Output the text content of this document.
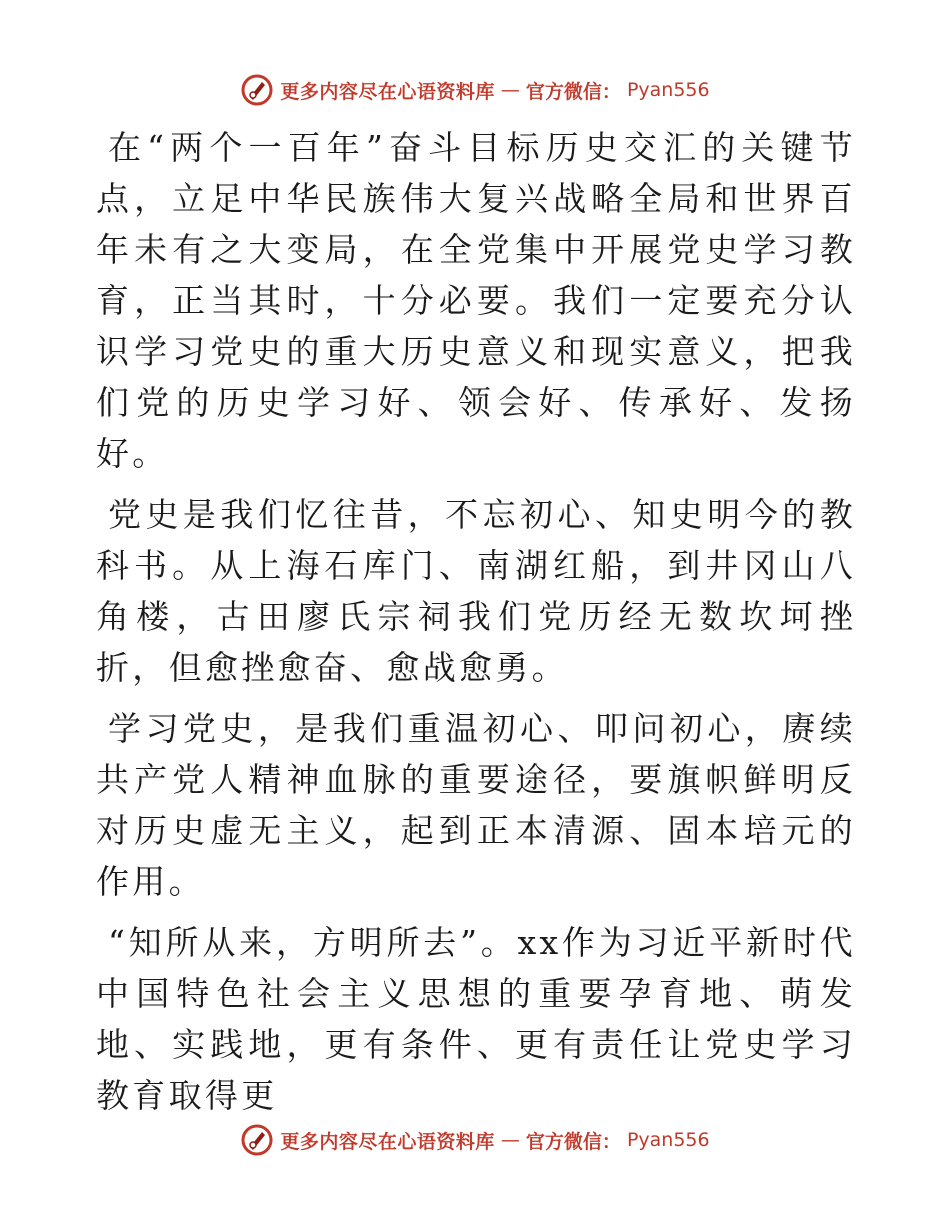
更多内容尽在心语资料库 — 官方微信： Pyan556

在“两个一百年”奋斗目标历史交汇的关键节点，立足中华民族伟大复兴战略全局和世界百年未有之大变局，在全党集中开展党史学习教育，正当其时，十分必要。我们一定要充分认识学习党史的重大历史意义和现实意义，把我们党的历史学习好、领会好、传承好、发扬好。

党史是我们忆往昔，不忘初心、知史明今的教科书。从上海石库门、南湖红船，到井冈山八角楼，古田廖氏宗祠我们党历经无数坎坷挫折，但愈挫愈奋、愈战愈勇。

学习党史，是我们重温初心、叩问初心，赓续共产党人精神血脉的重要途径，要旗帜鲜明反对历史虚无主义，起到正本清源、固本培元的作用。

“知所从来，方明所去”。xx作为习近平新时代中国特色社会主义思想的重要孕育地、萌发地、实践地，更有条件、更有责任让党史学习教育取得更

更多内容尽在心语资料库 — 官方微信： Pyan556
